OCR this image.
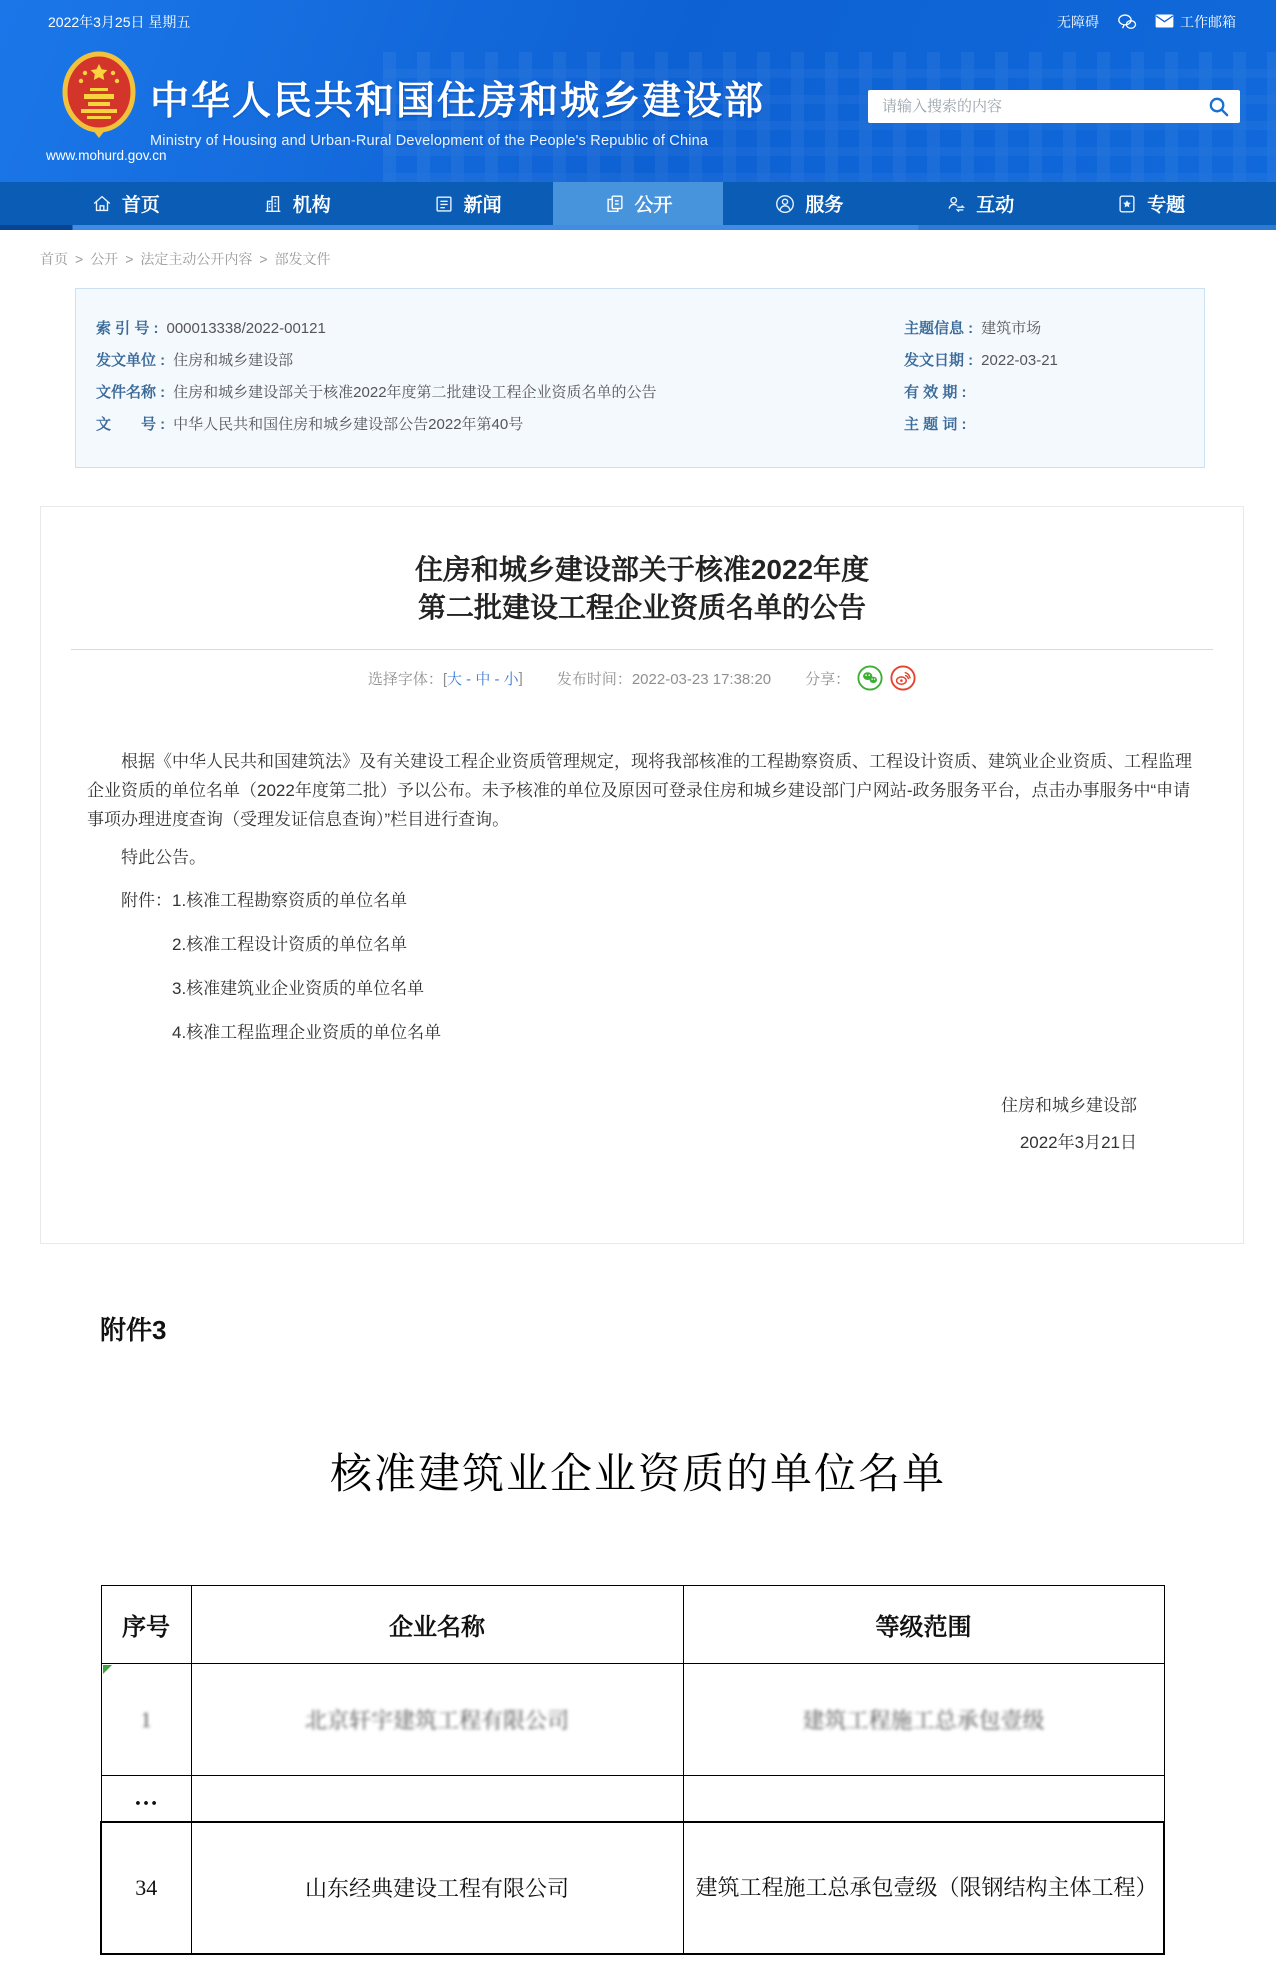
2022年3月25日 星期五	无障碍	工作邮箱
中华人民共和国住房和城乡建设部
Ministry of Housing and Urban-Rural Development of the People's Republic of China
www.mohurd.gov.cn
请输入搜索的内容
首页	机构	新闻	公开	服务	互动	专题
首页 > 公开 > 法定主动公开内容 > 部发文件
索 引 号 : 000013338/2022-00121
发文单位 : 住房和城乡建设部
文件名称 : 住房和城乡建设部关于核准2022年度第二批建设工程企业资质名单的公告
文　　号 : 中华人民共和国住房和城乡建设部公告2022年第40号
主题信息 : 建筑市场
发文日期 : 2022-03-21
有 效 期 :
主 题 词 :
住房和城乡建设部关于核准2022年度
第二批建设工程企业资质名单的公告
选择字体：[ 大 - 中 - 小 ] 发布时间：2022-03-23 17:38:20 分享：

根据《中华人民共和国建筑法》及有关建设工程企业资质管理规定，现将我部核准的工程勘察资质、工程设计资质、建筑业企业资质、工程监理企业资质的单位名单（2022年度第二批）予以公布。未予核准的单位及原因可登录住房和城乡建设部门户网站-政务服务平台，点击办事服务中“申请事项办理进度查询（受理发证信息查询）”栏目进行查询。

特此公告。

附件：1.核准工程勘察资质的单位名单

2.核准工程设计资质的单位名单

3.核准建筑业企业资质的单位名单

4.核准工程监理企业资质的单位名单

住房和城乡建设部
2022年3月21日
附件3
核准建筑业企业资质的单位名单
序号	企业名称	等级范围

1	北京轩宇建筑工程有限公司	建筑工程施工总承包壹级
…		
34	山东经典建设工程有限公司	建筑工程施工总承包壹级（限钢结构主体工程）
